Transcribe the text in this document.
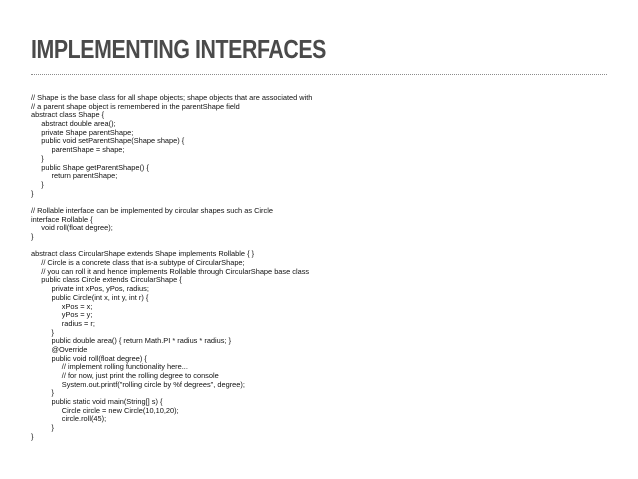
IMPLEMENTING INTERFACES
// Shape is the base class for all shape objects; shape objects that are associated with
// a parent shape object is remembered in the parentShape field
abstract class Shape {
abstract double area();
private Shape parentShape;
public void setParentShape(Shape shape) {
parentShape = shape;
}
public Shape getParentShape() {
return parentShape;
}
}
// Rollable interface can be implemented by circular shapes such as Circle
interface Rollable {
void roll(float degree);
}
abstract class CircularShape extends Shape implements Rollable { }
// Circle is a concrete class that is-a subtype of CircularShape;
// you can roll it and hence implements Rollable through CircularShape base class
public class Circle extends CircularShape {
private int xPos, yPos, radius;
public Circle(int x, int y, int r) {
xPos = x;
yPos = y;
radius = r;
}
public double area() { return Math.PI * radius * radius; }
@Override
public void roll(float degree) {
// implement rolling functionality here...
// for now, just print the rolling degree to console
System.out.printf("rolling circle by %f degrees", degree);
}
public static void main(String[] s) {
Circle circle = new Circle(10,10,20);
circle.roll(45);
}
}
